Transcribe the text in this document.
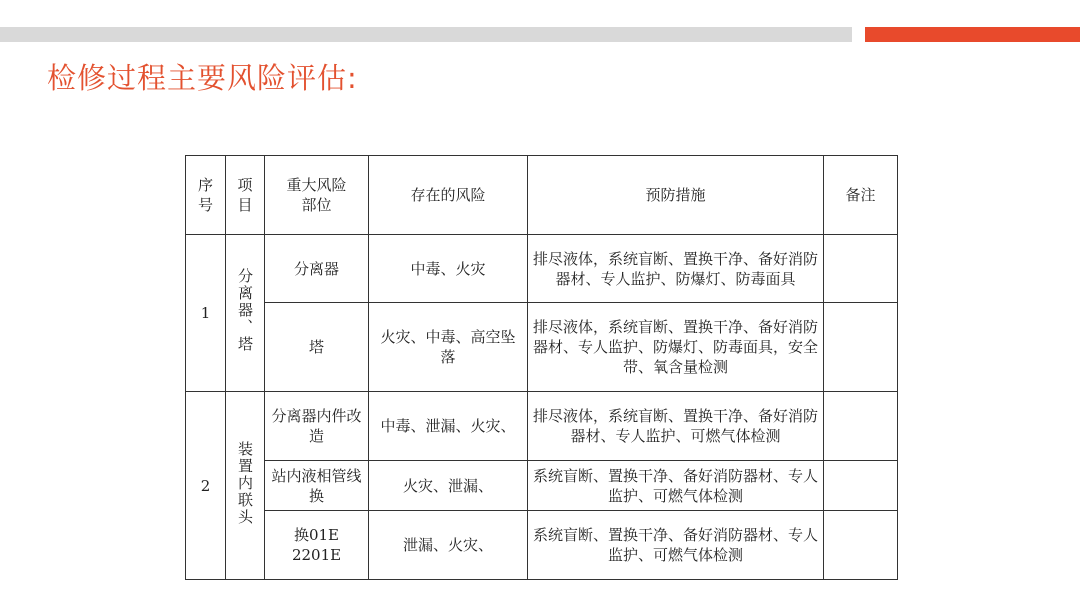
检修过程主要风险评估:
序号	项目	重大风险部位	存在的风险	预防措施	备注
1	分离器、塔	分离器	中毒、火灾	排尽液体，系统盲断、置换干净、备好消防器材、专人监护、防爆灯、防毒面具	
		塔	火灾、中毒、高空坠落	排尽液体，系统盲断、置换干净、备好消防器材、专人监护、防爆灯、防毒面具，安全带、氧含量检测	
2	装置内联头	分离器内件改造	中毒、泄漏、火灾、	排尽液体，系统盲断、置换干净、备好消防器材、专人监护、可燃气体检测	
		站内液相管线换	火灾、泄漏、	系统盲断、置换干净、备好消防器材、专人监护、可燃气体检测	
		换01E2201E	泄漏、火灾、	系统盲断、置换干净、备好消防器材、专人监护、可燃气体检测	
